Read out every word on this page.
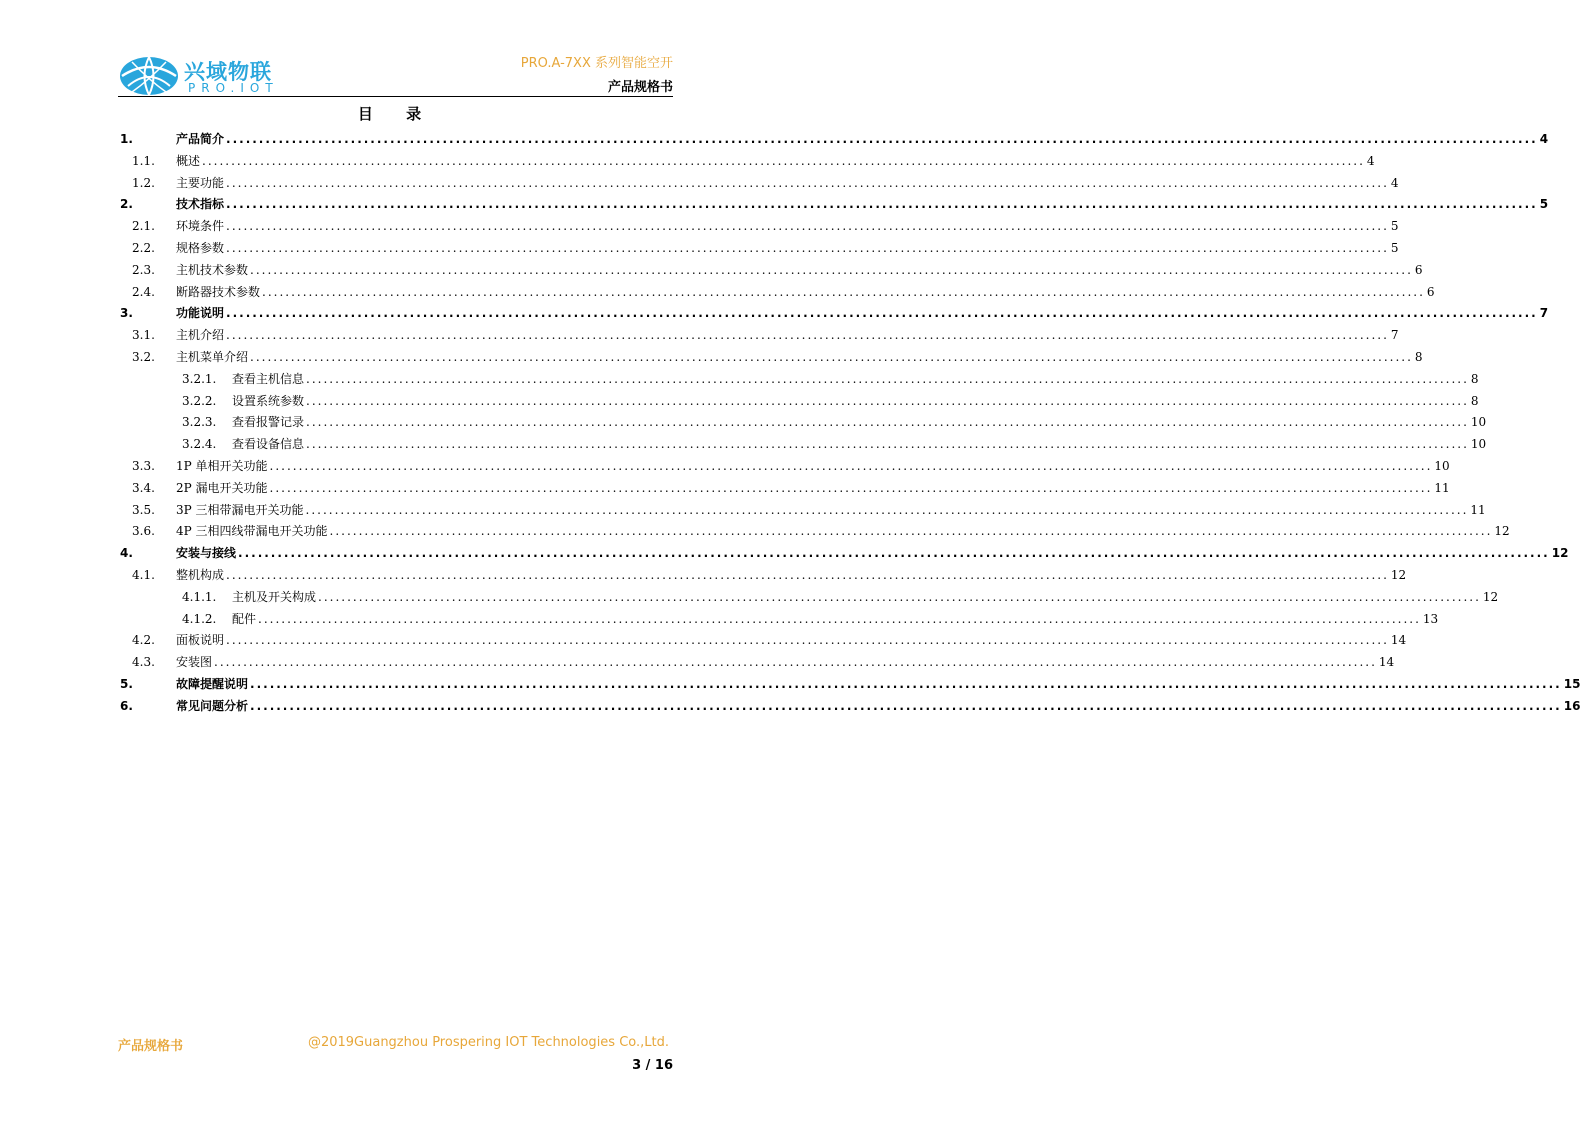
兴域物联
PRO.IOT
PRO.A-7XX 系列智能空开
产品规格书
目 录
1.	产品简介 ........................................................................................................................................................................................................ 4
1.1. 概述 ........................................................................................................................................................................................................ 4
1.2. 主要功能 ........................................................................................................................................................................................................ 4
2.	技术指标 ........................................................................................................................................................................................................ 5
2.1. 环境条件 ........................................................................................................................................................................................................ 5
2.2. 规格参数 ........................................................................................................................................................................................................ 5
2.3. 主机技术参数 ........................................................................................................................................................................................................ 6
2.4. 断路器技术参数 ........................................................................................................................................................................................................ 6
3.	功能说明 ........................................................................................................................................................................................................ 7
3.1. 主机介绍 ........................................................................................................................................................................................................ 7
3.2. 主机菜单介绍 ........................................................................................................................................................................................................ 8
3.2.1. 查看主机信息 ........................................................................................................................................................................................................ 8
3.2.2. 设置系统参数 ........................................................................................................................................................................................................ 8
3.2.3. 查看报警记录 ........................................................................................................................................................................................................ 10
3.2.4. 查看设备信息 ........................................................................................................................................................................................................ 10
3.3. 1P 单相开关功能 ........................................................................................................................................................................................................ 10
3.4. 2P 漏电开关功能 ........................................................................................................................................................................................................ 11
3.5. 3P 三相带漏电开关功能 ........................................................................................................................................................................................................ 11
3.6. 4P 三相四线带漏电开关功能 ........................................................................................................................................................................................................ 12
4.	安装与接线 ........................................................................................................................................................................................................ 12
4.1. 整机构成 ........................................................................................................................................................................................................ 12
4.1.1. 主机及开关构成 ........................................................................................................................................................................................................ 12
4.1.2. 配件 ........................................................................................................................................................................................................ 13
4.2. 面板说明 ........................................................................................................................................................................................................ 14
4.3. 安装图 ........................................................................................................................................................................................................ 14
5.	故障提醒说明 ........................................................................................................................................................................................................ 15
6.	常见问题分析 ........................................................................................................................................................................................................ 16
产品规格书	@2019Guangzhou Prospering IOT Technologies Co.,Ltd.
3 / 16
